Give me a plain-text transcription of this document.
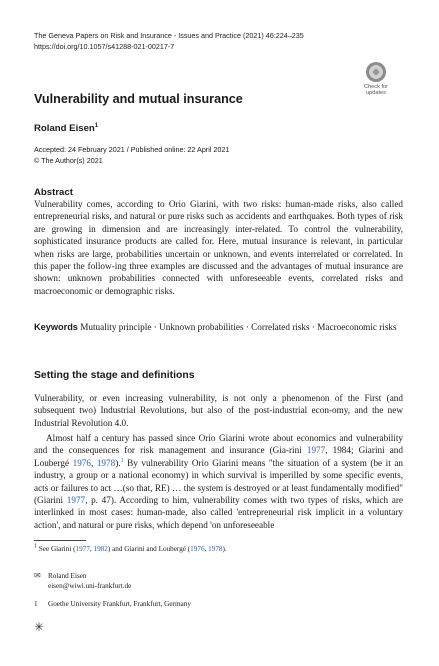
The Geneva Papers on Risk and Insurance - Issues and Practice (2021) 46:224–235
https://doi.org/10.1057/s41288-021-00217-7
Check for
updates
Vulnerability and mutual insurance
Roland Eisen$^1$
Accepted: 24 February 2021 / Published online: 22 April 2021
© The Author(s) 2021
Abstract

Vulnerability comes, according to Orio Giarini, with two risks: human-made risks, also called entrepreneurial risks, and natural or pure risks such as accidents and earthquakes. Both types of risk are growing in dimension and are increasingly inter-related. To control the vulnerability, sophisticated insurance products are called for. Here, mutual insurance is relevant, in particular when risks are large, probabilities uncertain or unknown, and events interrelated or correlated. In this paper the follow-ing three examples are discussed and the advantages of mutual insurance are shown: unknown probabilities connected with unforeseeable events, correlated risks and macroeconomic or demographic risks.

Keywords Mutuality principle · Unknown probabilities · Correlated risks · Macroeconomic risks
Setting the stage and definitions

Vulnerability, or even increasing vulnerability, is not only a phenomenon of the First (and subsequent two) Industrial Revolutions, but also of the post-industrial econ-omy, and the new Industrial Revolution 4.0.

Almost half a century has passed since Orio Giarini wrote about economics and vulnerability and the consequences for risk management and insurance (Gia-rini 1977, 1984; Giarini and Loubergé 1976, 1978).$^1$ By vulnerability Orio Giarini means "the situation of a system (be it an industry, a group or a national economy) in which survival is imperilled by some specific events, acts or failures to act …(so that, RE) … the system is destroyed or at least fundamentally modified" (Giarini 1977, p. 47). According to him, vulnerability comes with two types of risks, which are interlinked in most cases: human-made, also called 'entrepreneurial risk implicit in a voluntary action', and natural or pure risks, which depend 'on unforeseeable

$^1$ See Giarini (1977, 1982) and Giarini and Loubergé (1976, 1978).
✉ Roland Eisen
eisen@wiwi.uni-frankfurt.de
1 Goethe University Frankfurt, Frankfurt, Germany
✳
